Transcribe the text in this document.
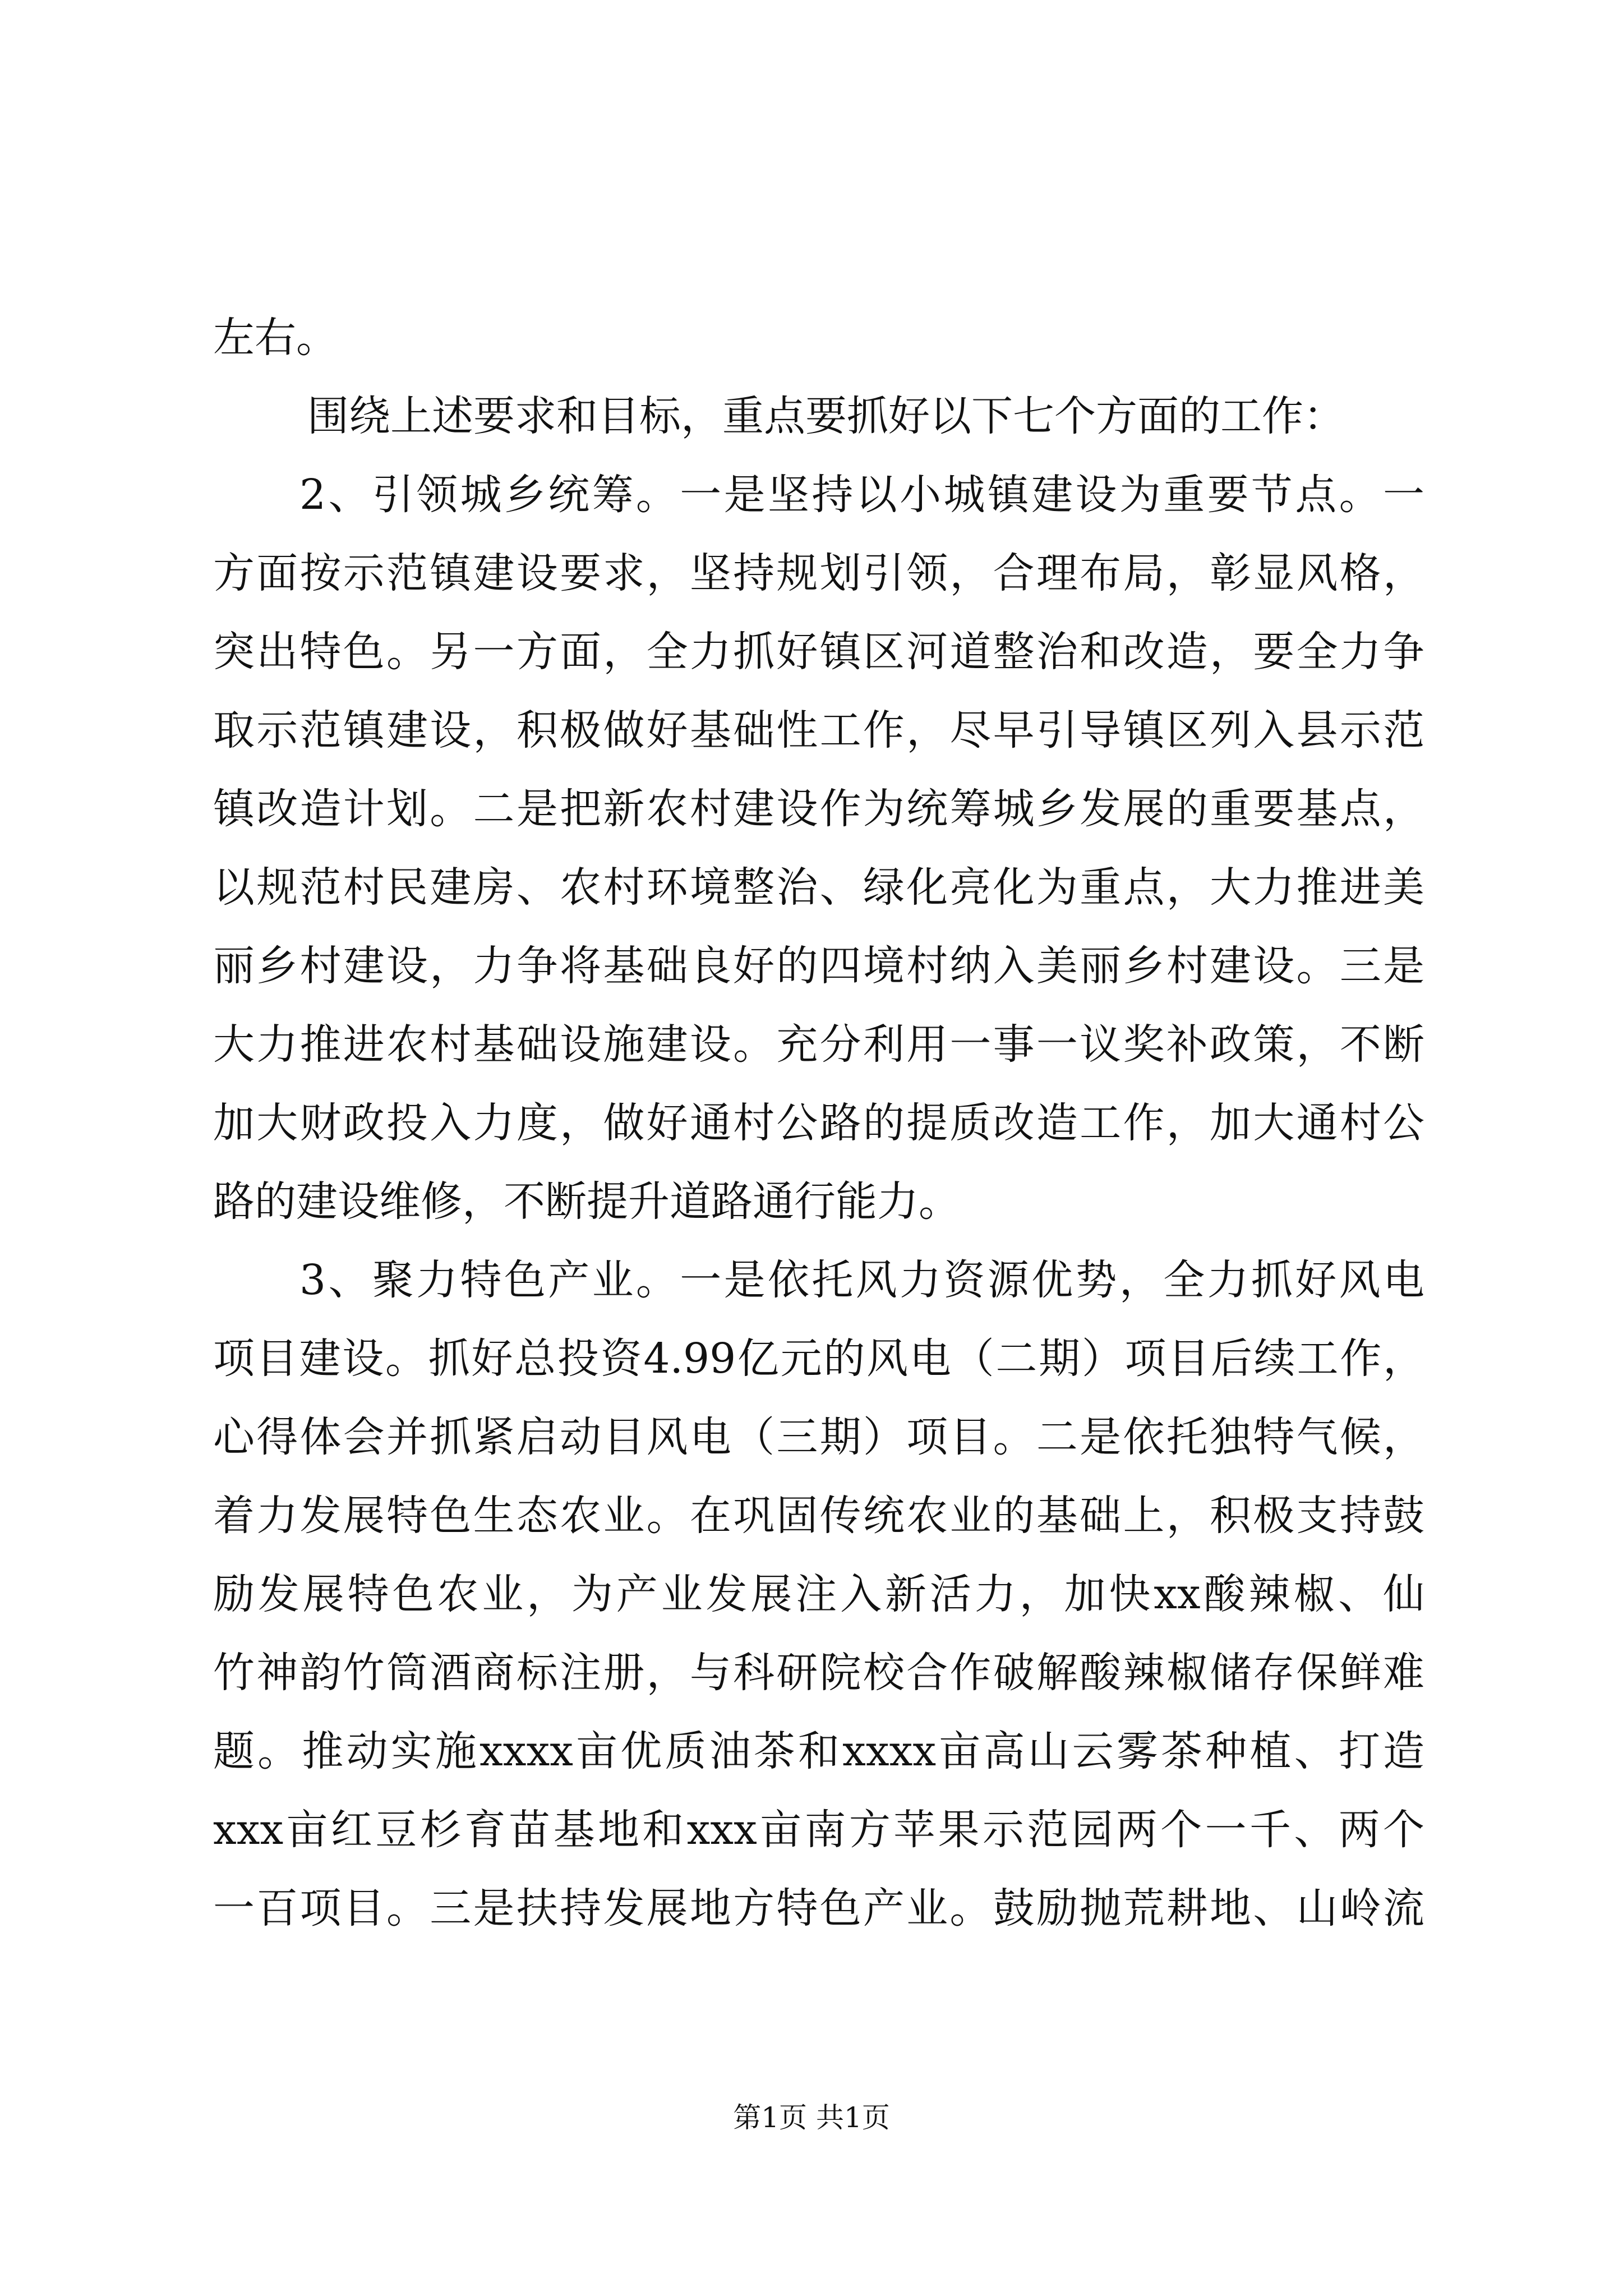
左右。
围绕上述要求和目标，重点要抓好以下七个方面的工作：
2、引领城乡统筹。一是坚持以小城镇建设为重要节点。一
方面按示范镇建设要求，坚持规划引领，合理布局，彰显风格，
突出特色。另一方面，全力抓好镇区河道整治和改造，要全力争
取示范镇建设，积极做好基础性工作，尽早引导镇区列入县示范
镇改造计划。二是把新农村建设作为统筹城乡发展的重要基点，
以规范村民建房、农村环境整治、绿化亮化为重点，大力推进美
丽乡村建设，力争将基础良好的四境村纳入美丽乡村建设。三是
大力推进农村基础设施建设。充分利用一事一议奖补政策，不断
加大财政投入力度，做好通村公路的提质改造工作，加大通村公
路的建设维修，不断提升道路通行能力。
3、聚力特色产业。一是依托风力资源优势，全力抓好风电
项目建设。抓好总投资4.99亿元的风电（二期）项目后续工作，
心得体会并抓紧启动目风电（三期）项目。二是依托独特气候，
着力发展特色生态农业。在巩固传统农业的基础上，积极支持鼓
励发展特色农业，为产业发展注入新活力，加快xx酸辣椒、仙
竹神韵竹筒酒商标注册，与科研院校合作破解酸辣椒储存保鲜难
题。推动实施xxxx亩优质油茶和xxxx亩高山云雾茶种植、打造
xxx亩红豆杉育苗基地和xxx亩南方苹果示范园两个一千、两个
一百项目。三是扶持发展地方特色产业。鼓励抛荒耕地、山岭流
第1页 共1页
